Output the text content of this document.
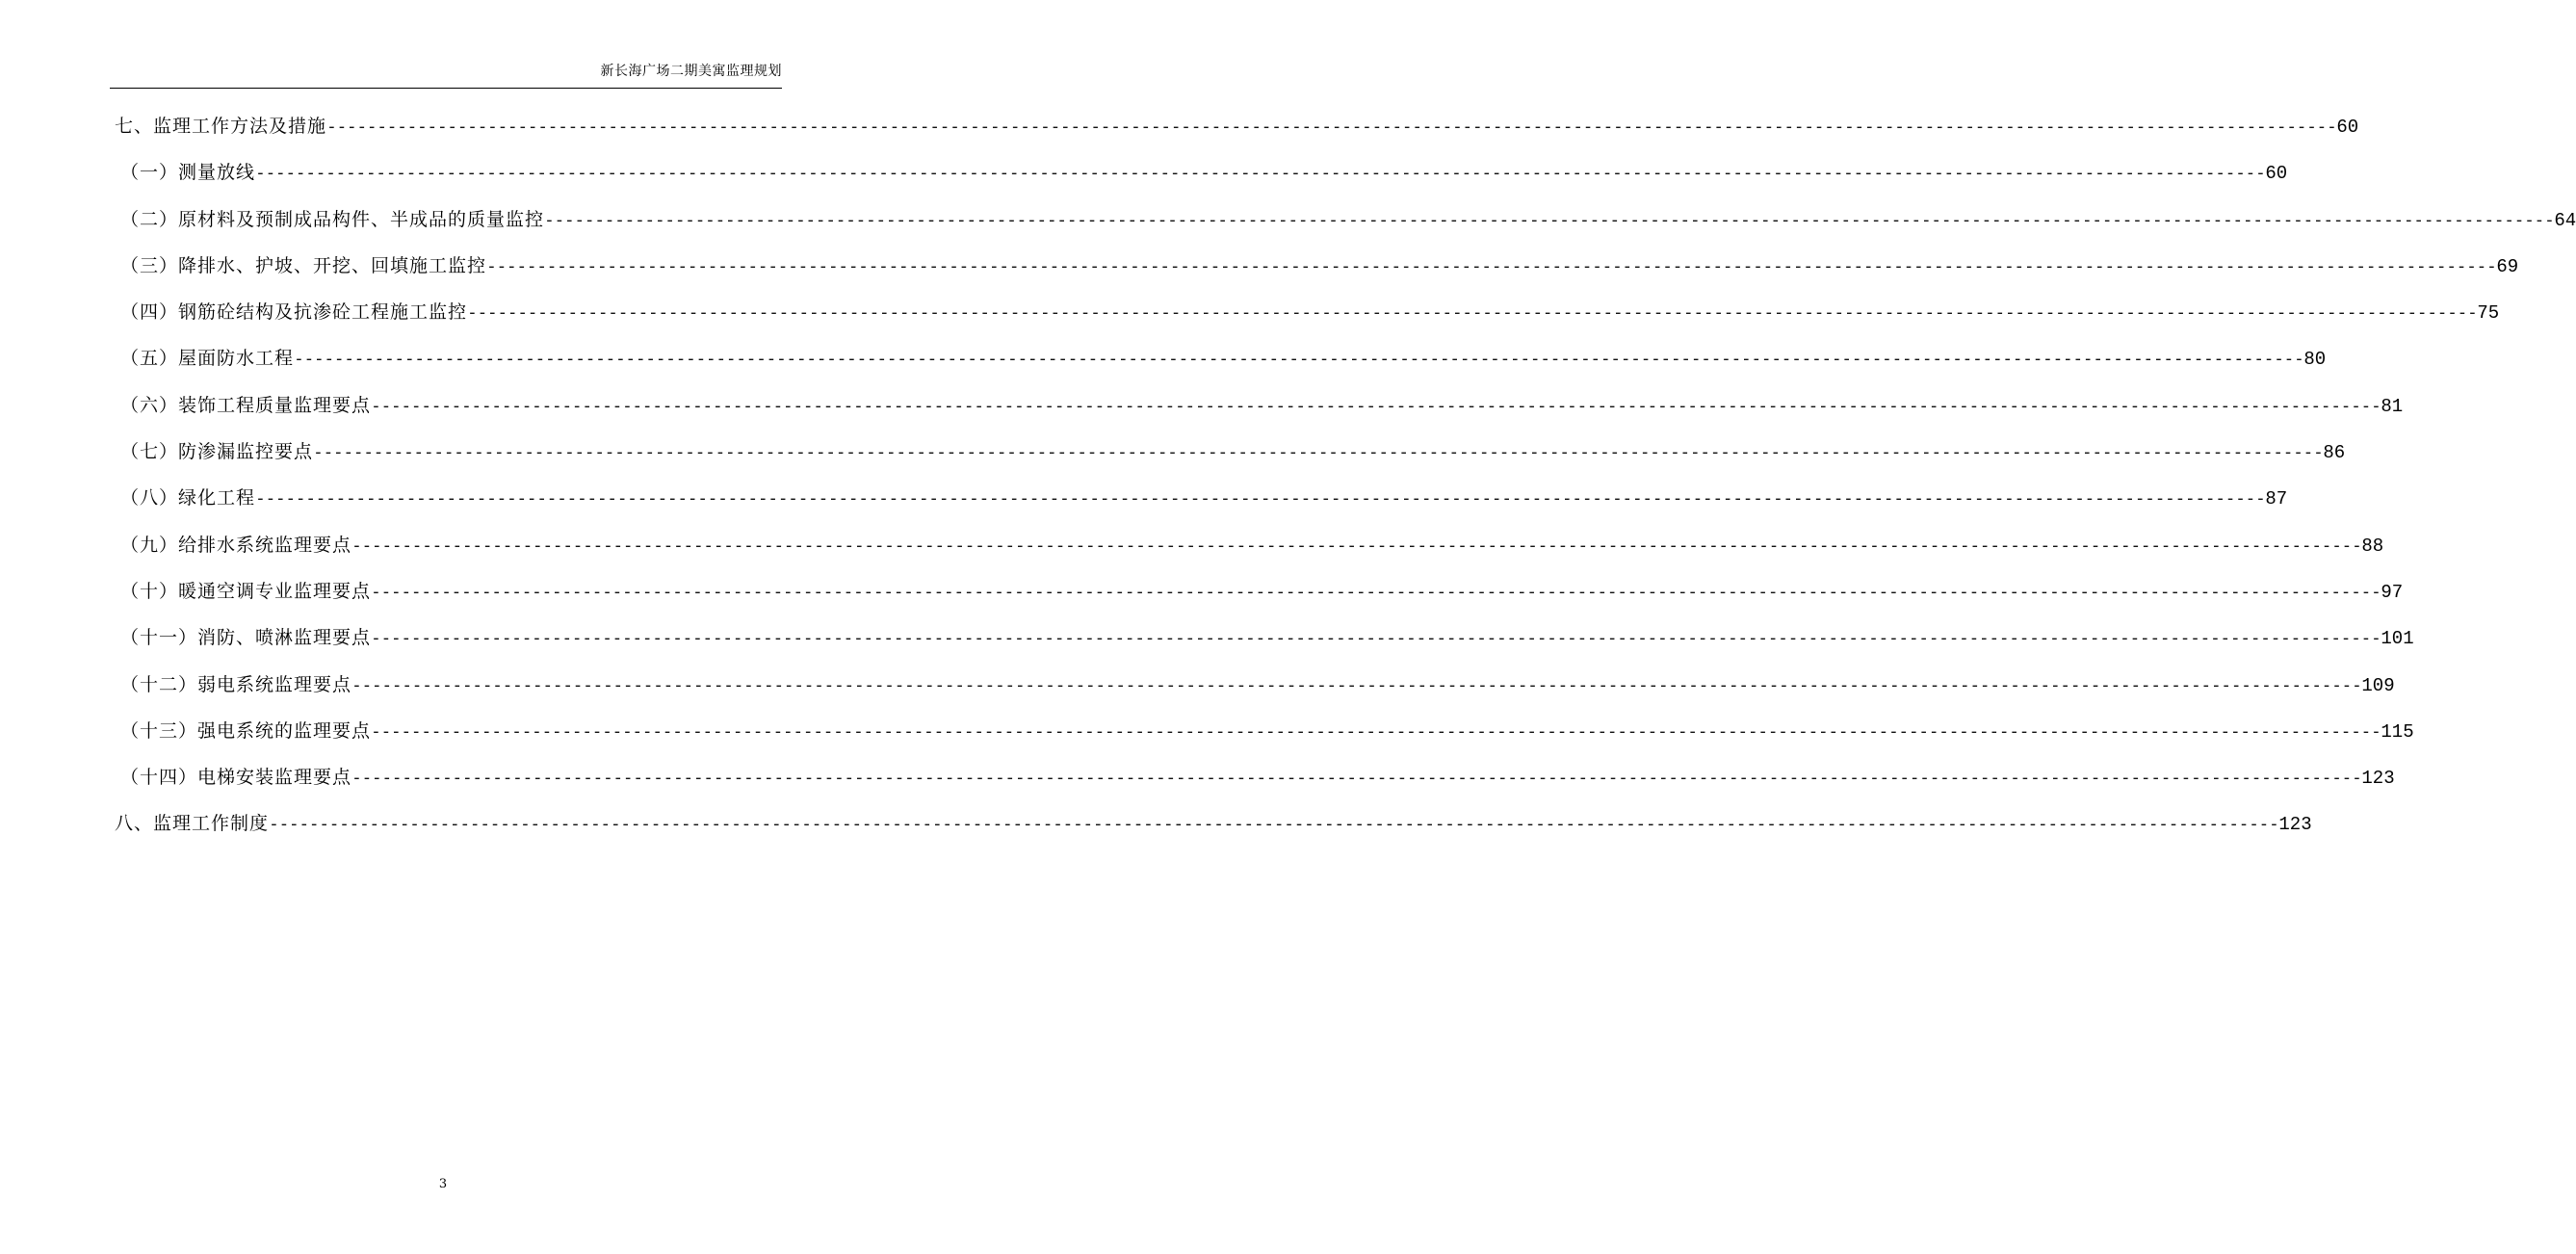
新长海广场二期美寓监理规划
七、监理工作方法及措施 -------------------------------------------------------------------------------------------------------------------------------------------------------------------------------------------------------- 60
（一）测量放线 -------------------------------------------------------------------------------------------------------------------------------------------------------------------------------------------------------- 60
（二）原材料及预制成品构件、半成品的质量监控 -------------------------------------------------------------------------------------------------------------------------------------------------------------------------------------------------------- 64
（三）降排水、护坡、开挖、回填施工监控 -------------------------------------------------------------------------------------------------------------------------------------------------------------------------------------------------------- 69
（四）钢筋砼结构及抗渗砼工程施工监控 -------------------------------------------------------------------------------------------------------------------------------------------------------------------------------------------------------- 75
（五）屋面防水工程 -------------------------------------------------------------------------------------------------------------------------------------------------------------------------------------------------------- 80
（六）装饰工程质量监理要点 -------------------------------------------------------------------------------------------------------------------------------------------------------------------------------------------------------- 81
（七）防渗漏监控要点 -------------------------------------------------------------------------------------------------------------------------------------------------------------------------------------------------------- 86
（八）绿化工程 -------------------------------------------------------------------------------------------------------------------------------------------------------------------------------------------------------- 87
（九）给排水系统监理要点 -------------------------------------------------------------------------------------------------------------------------------------------------------------------------------------------------------- 88
（十）暖通空调专业监理要点 -------------------------------------------------------------------------------------------------------------------------------------------------------------------------------------------------------- 97
（十一）消防、喷淋监理要点 -------------------------------------------------------------------------------------------------------------------------------------------------------------------------------------------------------- 101
（十二）弱电系统监理要点 -------------------------------------------------------------------------------------------------------------------------------------------------------------------------------------------------------- 109
（十三）强电系统的监理要点 -------------------------------------------------------------------------------------------------------------------------------------------------------------------------------------------------------- 115
（十四）电梯安装监理要点 -------------------------------------------------------------------------------------------------------------------------------------------------------------------------------------------------------- 123
八、监理工作制度 -------------------------------------------------------------------------------------------------------------------------------------------------------------------------------------------------------- 123
3
